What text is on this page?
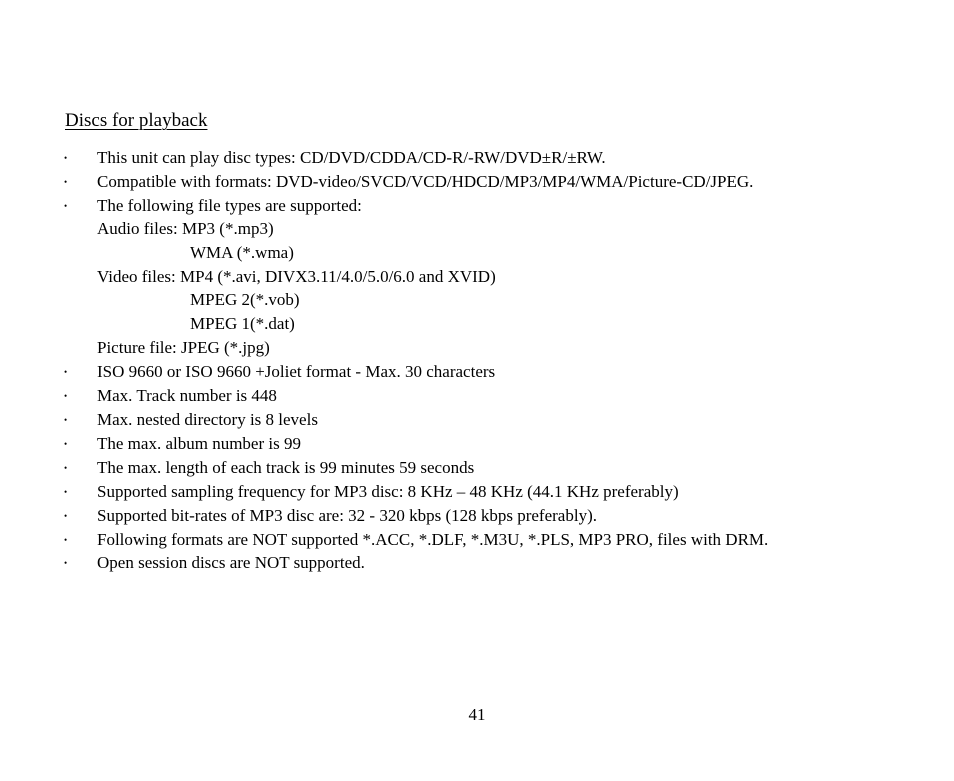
Discs for playback
• This unit can play disc types: CD/DVD/CDDA/CD-R/-RW/DVD±R/±RW.
• Compatible with formats: DVD-video/SVCD/VCD/HDCD/MP3/MP4/WMA/Picture-CD/JPEG.
• The following file types are supported:
Audio files: MP3 (*.mp3)
WMA (*.wma)
Video files: MP4 (*.avi, DIVX3.11/4.0/5.0/6.0 and XVID)
MPEG 2(*.vob)
MPEG 1(*.dat)
Picture file: JPEG (*.jpg)
• ISO 9660 or ISO 9660 +Joliet format - Max. 30 characters
• Max. Track number is 448
• Max. nested directory is 8 levels
• The max. album number is 99
• The max. length of each track is 99 minutes 59 seconds
• Supported sampling frequency for MP3 disc: 8 KHz – 48 KHz (44.1 KHz preferably)
• Supported bit-rates of MP3 disc are: 32 - 320 kbps (128 kbps preferably).
• Following formats are NOT supported *.ACC, *.DLF, *.M3U, *.PLS, MP3 PRO, files with DRM.
• Open session discs are NOT supported.
41
